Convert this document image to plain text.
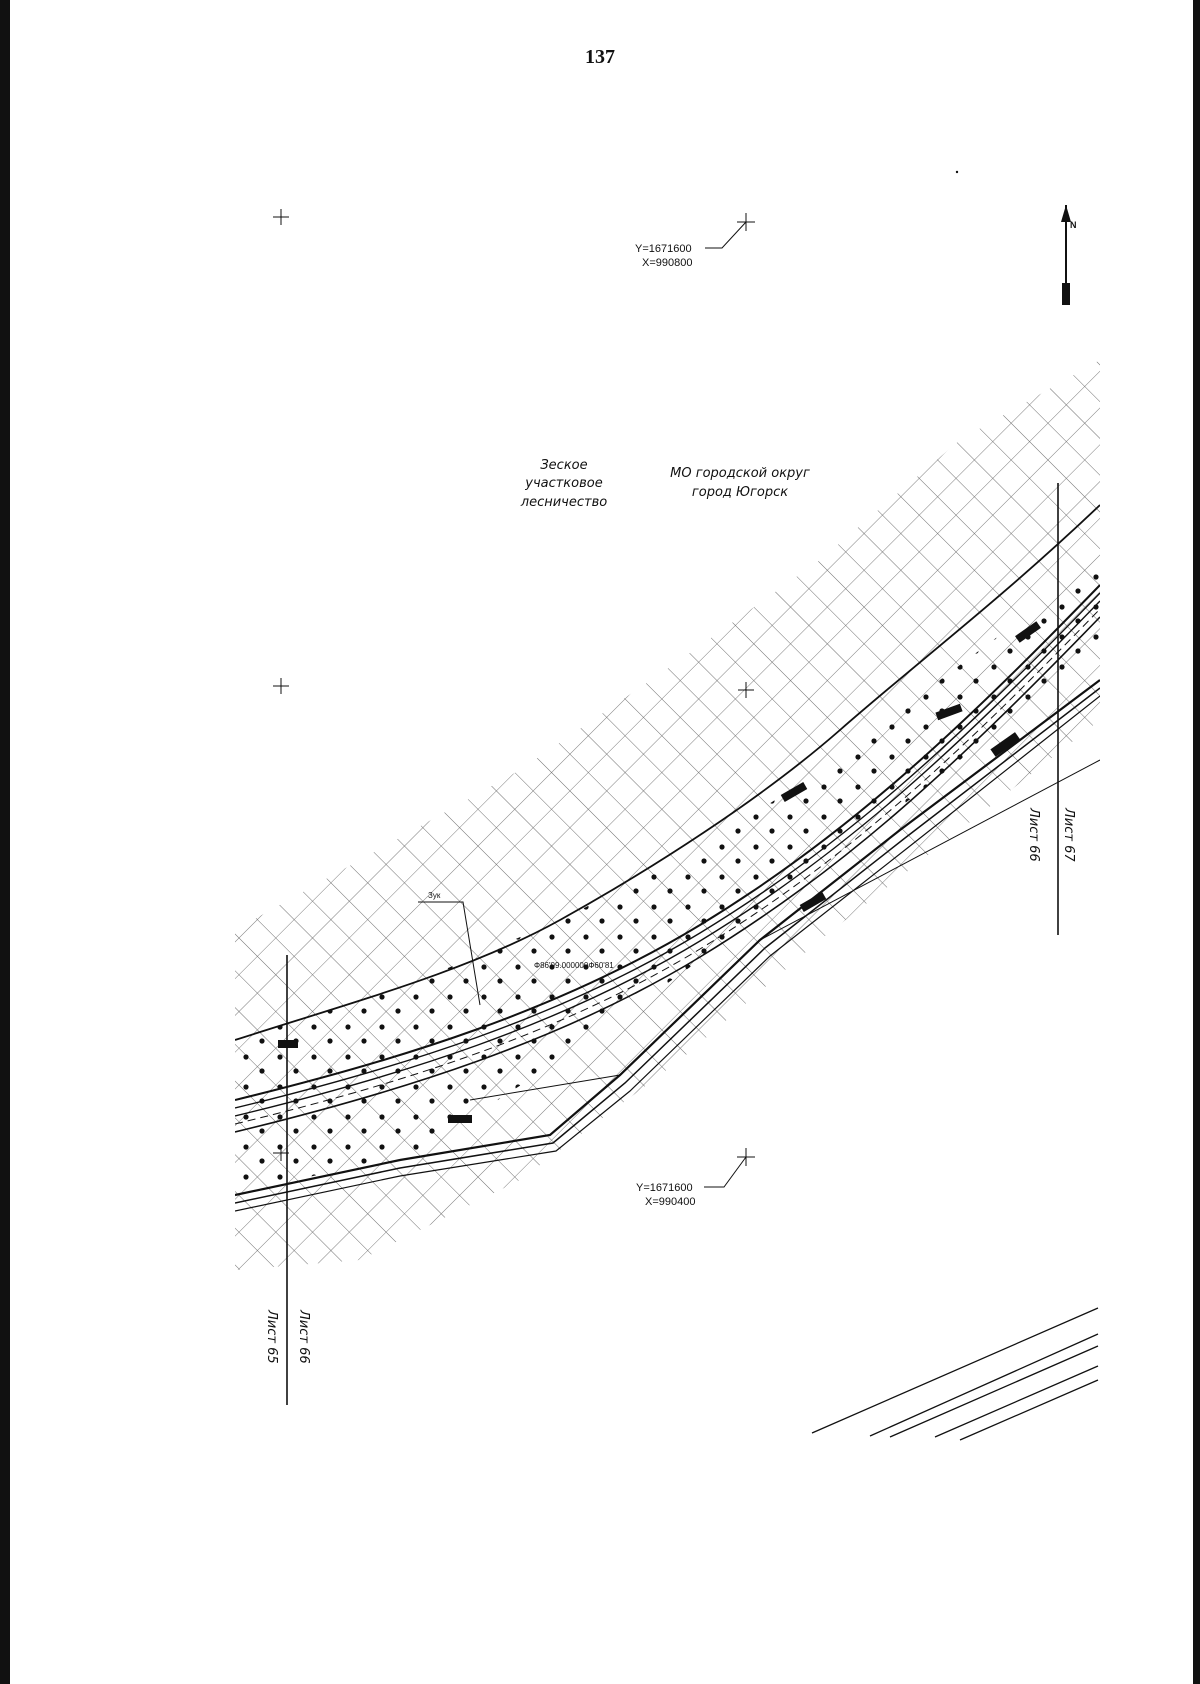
137
Зук
Ф86'09.000000Ф60'81
Y=1671600
X=990800
Y=1671600
X=990400
Зеское
участковое
лесничество
МО городской округ
город Югорск
Лист 65 Лист 66
Лист 66 Лист 67
N
